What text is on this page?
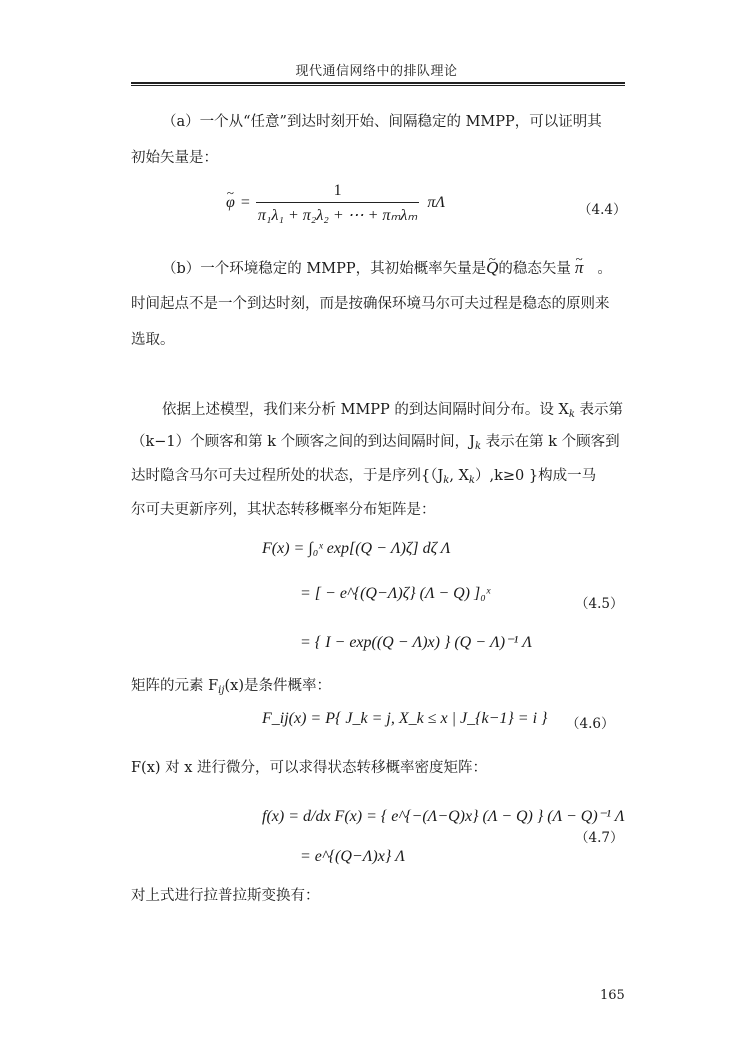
现代通信网络中的排队理论
（a）一个从“任意”到达时刻开始、间隔稳定的 MMPP，可以证明其
初始矢量是：
~ $\varphi = \frac{1}{\text{π₁λ₁ + π₂λ₂ + ⋯ + πₘλₘ}}$ πΛ	（4.4）
（b）一个环境稳定的 MMPP，其初始概率矢量是~ Q的稳态矢量~ π 。
时间起点不是一个到达时刻，而是按确保环境马尔可夫过程是稳态的原则来
选取。
依据上述模型，我们来分析 MMPP 的到达间隔时间分布。设 $X_k$ 表示第
（k−1）个顾客和第 k 个顾客之间的到达间隔时间，$J_k$ 表示在第 k 个顾客到
达时隐含马尔可夫过程所处的状态，于是序列{（$J_k$, $X_k),k\ge 0$ }构成一马
尔可夫更新序列，其状态转移概率分布矩阵是：
F(x) = ∫₀ˣ exp[(Q − Λ)ζ] dζ Λ
= [ − e^{(Q−Λ)ζ} (Λ − Q) ]₀ˣ
（4.5）
= { I − exp((Q − Λ)x) } (Q − Λ)⁻¹ Λ
矩阵的元素 $F_{ij}(x)$是条件概率：
F_ij(x) = P{ J_k = j, X_k ≤ x | J_{k−1} = i } （4.6）
F(x) 对 x 进行微分，可以求得状态转移概率密度矩阵：
f(x) = d/dx F(x) = { e^{−(Λ−Q)x} (Λ − Q) } (Λ − Q)⁻¹ Λ
（4.7）
= e^{(Q−Λ)x} Λ
对上式进行拉普拉斯变换有：
165
